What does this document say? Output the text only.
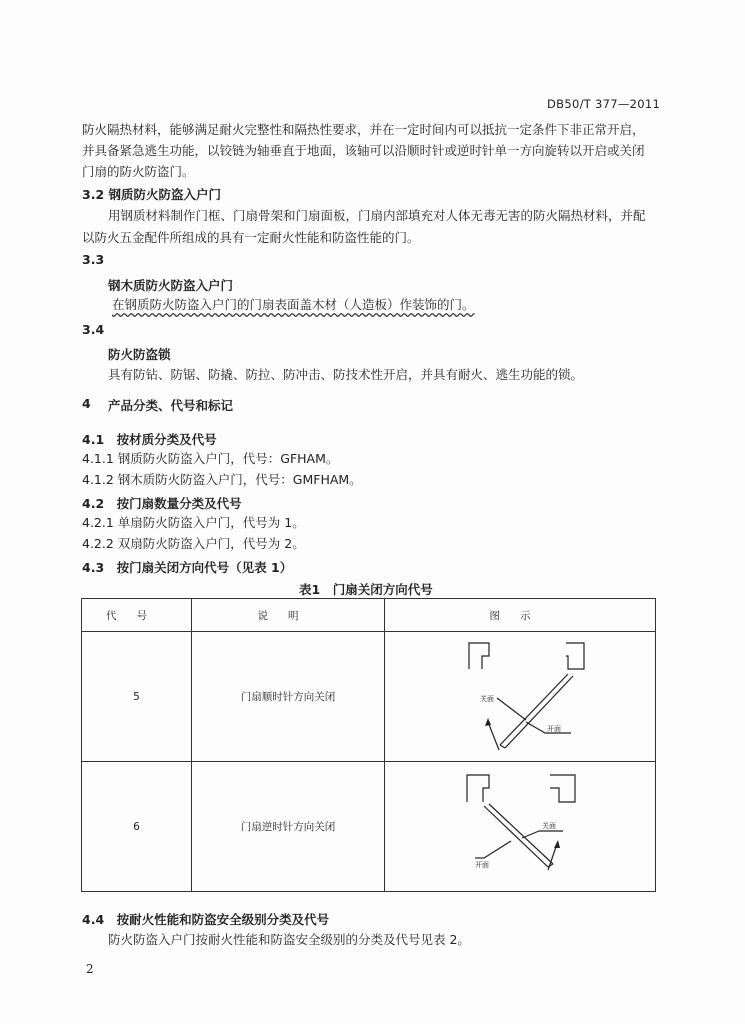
DB50/T 377—2011
防火隔热材料，能够满足耐火完整性和隔热性要求，并在一定时间内可以抵抗一定条件下非正常开启，
并具备紧急逃生功能，以铰链为轴垂直于地面，该轴可以沿顺时针或逆时针单一方向旋转以开启或关闭
门扇的防火防盗门。
3.2 钢质防火防盗入户门
用钢质材料制作门框、门扇骨架和门扇面板，门扇内部填充对人体无毒无害的防火隔热材料，并配
以防火五金配件所组成的具有一定耐火性能和防盗性能的门。
3.3
钢木质防火防盗入户门
在钢质防火防盗入户门的门扇表面盖木材（人造板）作装饰的门。
3.4
防火防盗锁
具有防钻、防锯、防撬、防拉、防冲击、防技术性开启，并具有耐火、逃生功能的锁。
4 产品分类、代号和标记
4.1　按材质分类及代号
4.1.1 钢质防火防盗入户门，代号：GFHAM。
4.1.2 钢木质防火防盗入户门，代号：GMFHAM。
4.2　按门扇数量分类及代号
4.2.1 单扇防火防盗入户门，代号为 1。
4.2.2 双扇防火防盗入户门，代号为 2。
4.3　按门扇关闭方向代号（见表 1）
表1　门扇关闭方向代号
代号	说明	图示
5	门扇顺时针方向关闭	关面
开面

6	门扇逆时针方向关闭	关面
开面
4.4　按耐火性能和防盗安全级别分类及代号
防火防盗入户门按耐火性能和防盗安全级别的分类及代号见表 2。
2
